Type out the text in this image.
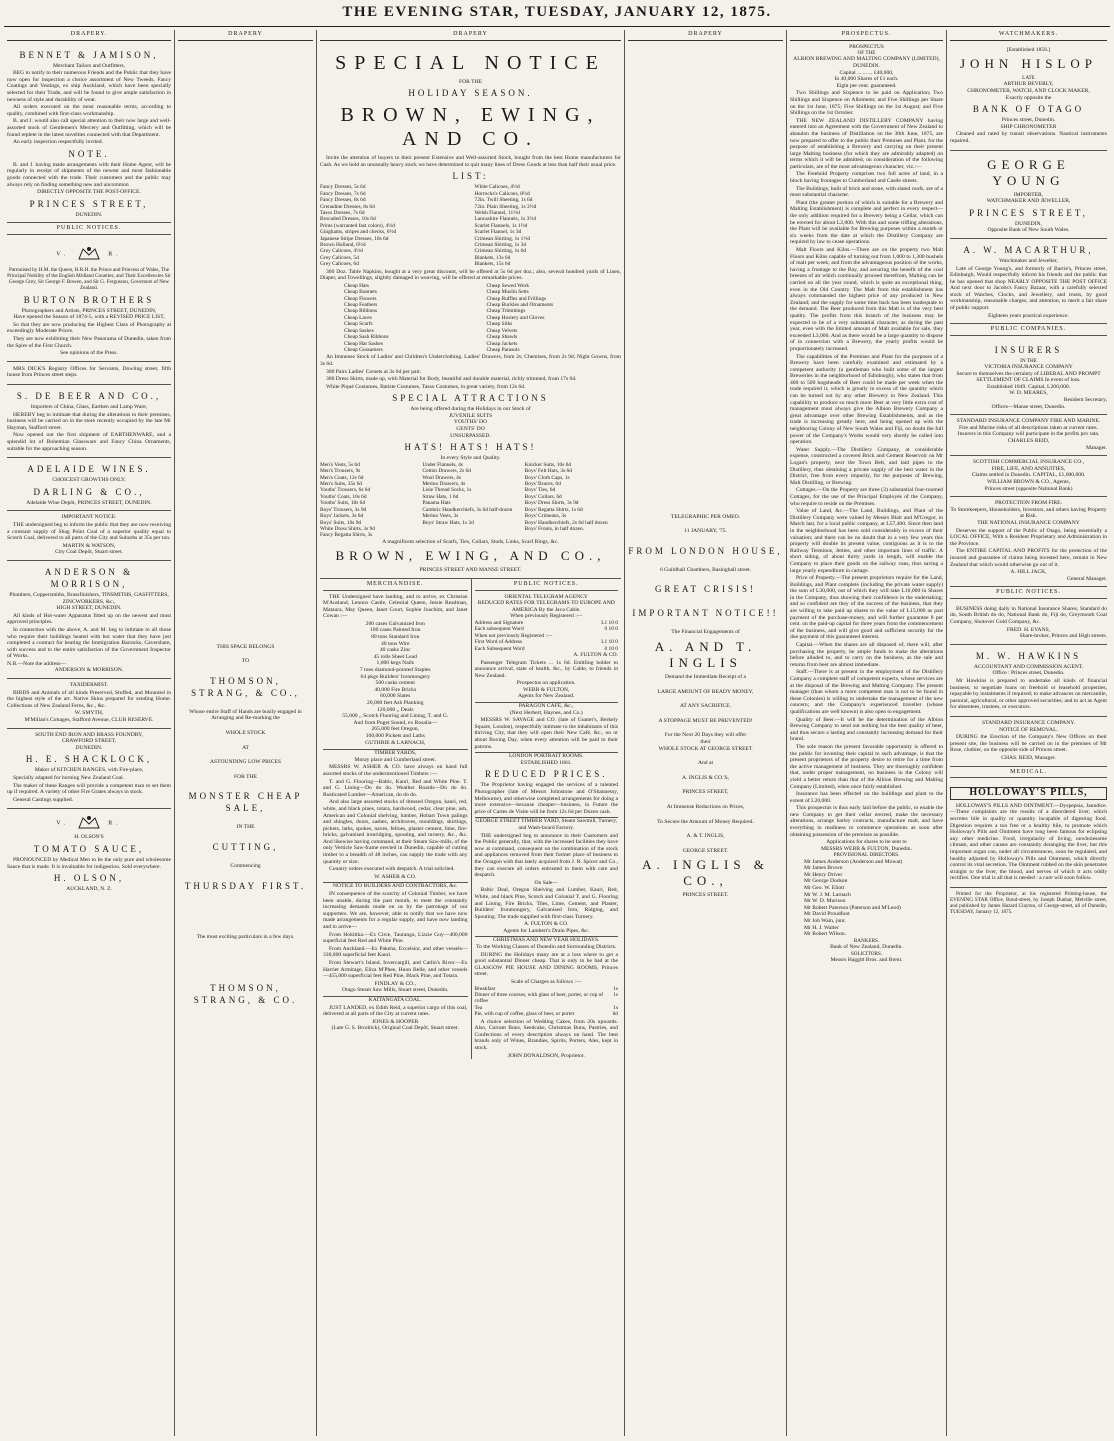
THE EVENING STAR, TUESDAY, JANUARY 12, 1875.
DRAPERY.
BENNET & JAMISON,
Merchant Tailors and Outfitters,
BEG to notify to their numerous Friends and the Public that they have now open for inspection a choice assortment of New Tweeds, Fancy Coatings and Vestings, ex ship Auckland, which have been specially selected for their Trade, and will be found to give ample satisfaction in newness of style and durability of wear.
All orders executed on the most reasonable terms, according to quality, combined with first-class workmanship.
B. and J. would also call special attention to their now large and well-assorted stock of Gentlemen's Mercery and Outfitting, which will be found replete in the latest novelties connected with that Department.
An early inspection respectfully invited.
NOTE.
B. and J. having made arrangements with their Home Agent, will be regularly in receipt of shipments of the newest and most fashionable goods connected with the trade. Their customers and the public may always rely on finding something new and uncommon
DIRECTLY OPPOSITE THE POST-OFFICE.
PRINCES STREET,
DUNEDIN.
PUBLIC NOTICES.
V.	R.
Patronised by H.M. the Queen, H.R.H. the Prince and Princess of Wales, The Principal Nobility of the English Midland Counties, and Their Excellencies Sir George Grey, Sir George F. Bowen, and Sir G. Fergusson, Governors of New Zealand.
BURTON BROTHERS
Photographers and Artists, PRINCES STREET, DUNEDIN,
Have opened the Season of 1874-5, with a REVISED PRICE LIST,
So that they are now producing the Highest Class of Photography at exceedingly Moderate Prices.
They are now exhibiting their New Panorama of Dunedin, taken from the Spire of the First Church.
See opinions of the Press.
MRS DICK'S Registry Offices for Servants, Dowling street, fifth house from Princes street steps.
S. DE BEER AND CO.,
Importers of China, Glass, Earthen and Lamp Ware,
HEREBY beg to intimate that during the alterations to their premises, business will be carried on in the store recently occupied by the late Mr Hayman, Stafford street.
Now opened out the first shipment of EARTHENWARE, and a splendid lot of Bohemian Glassware and Fancy China Ornaments, suitable for the approaching season.
ADELAIDE WINES.
CHOICEST GROWTHS ONLY.
DARLING & CO.,
Adelaide Wine Depôt, PRINCES STREET, DUNEDIN.
IMPORTANT NOTICE.
THE undersigned beg to inform the public that they are now receiving a constant supply of Shag Point Coal of a superior quality equal to Scotch Coal, delivered to all parts of the City and Suburbs at 35s per ton.
MARTIN & WATSON,
City Coal Depôt, Stuart street.
ANDERSON & MORRISON,
Plumbers, Coppersmiths, Brassfinishers, TINSMITHS, GASFITTERS, ZINCWORKERS, &c.,
HIGH STREET, DUNEDIN.
All kinds of Hot-water Apparatus fitted up on the newest and most approved principles.
In connection with the above, A. and M. beg to intimate to all those who require their buildings heated with hot water that they have just completed a contract for heating the Immigration Barracks, Caversham, with success and to the entire satisfaction of the Government Inspector of Works.
N.B.—Note the address—
ANDERSON & MORRISON.
TAXIDERMIST.
BIRDS and Animals of all kinds Preserved, Stuffed, and Mounted in the highest style of the art. Native Skins prepared for sending Home. Collections of New Zealand Ferns, &c., &c.
W. SMYTH,
M'Millan's Cottages, Stafford Avenue, CLUB RESERVE.
SOUTH END IRON AND BRASS FOUNDRY,
CRAWFORD STREET,
DUNEDIN.
H. E. SHACKLOCK,
Maker of KITCHEN RANGES, with Fire-place,
Specially adapted for burning New Zealand Coal.
The maker of these Ranges will provide a competent man to set them up if required. A variety of other Fire Grates always in stock.
General Castings supplied.
V.	R.
H. OLSON'S
TOMATO SAUCE,
PRONOUNCED by Medical Men to be the only pure and wholesome Sauce that is made. It is invaluable for indigestion. Sold everywhere.
H. OLSON,
AUCKLAND, N. Z.
DRAPERY
THIS SPACE BELONGS
TO
THOMSON, STRANG, & CO.,
Whose entire Staff of Hands are busily engaged in Arranging and Re-marking the
WHOLE STOCK
AT
ASTOUNDING LOW PRICES
FOR THE
MONSTER CHEAP SALE,
IN THE
CUTTING,
Commencing
THURSDAY FIRST.
The most exciting particulars in a few days.
THOMSON, STRANG, & CO.
DRAPERY
SPECIAL NOTICE
FOR THE
HOLIDAY SEASON.
BROWN, EWING, AND CO.
Invite the attention of buyers to their present Extensive and Well-assorted Stock, bought from the best Home manufacturers for Cash. As we hold an unusually heavy stock we have determined to quit many lines of Dress Goods at less than half their usual price.
LIST:
Fancy Dresses, 5s 6d
Fancy Dresses, 7s 6d
Fancy Dresses, 8s 6d
Grenadine Dresses, 8s 6d
Tasso Dresses, 7s 6d
Brocaded Dresses, 10s 6d
Prints (warranted fast colors), 4½d
Ginghams, stripes and checks, 6½d
Japanese Stripe Dresses, 10s 6d
Brown Holland, 6½d
Grey Calicoes, 4½d
Grey Calicoes, 5d
Grey Calicoes, 6d
White Calicoes, 4½d
Horrocks's Calicoes, 8½d
72in. Twill Sheeting, 1s 6d
72in. Plain Sheeting, 1s 3½d
Welsh Flannel, 11½d
Lancashire Flannels, 1s 3½d
Scarlet Flannels, 1s 1½d
Scarlet Flannel, 1s 3d
Crimean Shirting, 1s 1½d
Crimean Shirting, 1s 3d
Crimean Shirting, 1s 6d
Blankets, 13s 6d
Blankets, 15s 6d
300 Doz. Table Napkins, bought at a very great discount, will be offered at 5s 6d per doz.; also, several hundred yards of Linen, Diaper, and Towellings, slightly damaged in weaving, will be offered at remarkable prices.
Cheap Hats
Cheap Bonnets
Cheap Flowers
Cheap Feathers
Cheap Ribbons
Cheap Laces
Cheap Scarfs
Cheap Sashes
Cheap Sash Ribbons
Cheap Hat Sashes
Cheap Gossamers
Cheap Sewed Work
Cheap Muslin Setts
Cheap Ruffles and Frillings
Cheap Buckles and Ornaments
Cheap Trimmings
Cheap Hosiery and Gloves
Cheap Silks
Cheap Velvets
Cheap Shawls
Cheap Jackets
Cheap Parasols
An Immense Stock of Ladies' and Children's Underclothing. Ladies' Drawers, from 2s; Chemises, from 2s 9d; Night Gowns, from 3s 6d.
300 Pairs Ladies' Corsets at 3s 6d per pair.
300 Dress Skirts, made up, with Material for Body, beautiful and durable material, richly trimmed, from 17s 6d.
White Piqué Costumes, Batiste Costumes, Tasso Costumes, in great variety, from 12s 6d.
SPECIAL ATTRACTIONS
Are being offered during the Holidays in our Stock of
JUVENILE SUITS
YOUTHS' DO
GENTS' DO
UNSURPASSED.
HATS! HATS! HATS!
In every Style and Quality.
Men's Vests, 5s 6d
Men's Trousers, 9s
Men's Coats, 12s 6d
Men's Suits, 35s 6d
Youths' Trousers, 6s 6d
Youths' Coats, 10s 6d
Youths' Suits, 18s 6d
Boys' Trousers, 3s 9d
Boys' Jackets, 3s 6d
Boys' Suits, 16s 9d
White Dress Shirts, 3s 9d
Fancy Regatta Shirts, 3s
Under Flannels, 4s
Cotton Drawers, 2s 6d
Wool Drawers, 4s
Merino Drawers, 4s
Lisle Thread Socks, 1s
Straw Hats, 1 6d
Panama Hats
Cambric Handkerchiefs, 3s 6d half-dozen
Merino Vests, 3s
Boys' Straw Hats, 1s 3d
Knicker Suits, 10s 6d
Boys' Felt Hats, 3s 6d
Boys' Cloth Caps, 1s
Boys' Braces, 6d
Boys' Ties, 6d
Boys' Collars, 6d
Boys' Dress Shirts, 3s 9d
Boys' Regatta Shirts, 1s 6d
Boys' Crimeans, 3s
Boys' Handkerchiefs, 2s 6d half dozen
Boys' Fronts, in half dozen.
A magnificent selection of Scarfs, Ties, Collars, Studs, Links, Scarf Rings, &c.
BROWN, EWING, AND CO.,
PRINCES STREET AND MANSE STREET.
MERCHANDISE.
THE Undersigned have landing, and to arrive, ex Christian M'Ausland, Lennox Castle, Celestial Queen, Jessie Readman, Mataura, May Queen, Janet Court, Sophie Joachim, and Janet Cowan :—
200 cases Galvanized Iron
100 cases Painted Iron
80 tons Standard Iron
40 tons Wire
40 casks Zinc
45 rolls Sheet Lead
1,000 kegs Nails
7 tons diamond-pointed Staples
64 pkgs Builders' Ironmongery
500 casks cement
40,000 Fire Bricks
60,000 Slates
20,000 feet Ash Planking
120,000 ,, Deals
55,000 ,, Scotch Flooring and Lining, T. and G.
And from Puget Sound, ex Rosalia—
265,000 feet Oregon,
100,000 Pickets and Laths
GUTHRIE & LARNACH,
TIMBER YARDS,
Moray place and Cumberland street.
MESSRS W. ASHER & CO. have always on hand full assorted stocks of the undermentioned Timbers :—
T. and G. Flooring—Baltic, Kauri, Red and White Pine. T. and G. Lining—Do do do. Weather Boards—Do do do. Rusticated Lumber—American, do do do.
And also large assorted stocks of dressed Oregon, kauri, red, white, and black pines, totara, hardwood, cedar, clear pine, ash, American and Colonial shelving, lumber, Hobart Town palings and shingles, doors, sashes, architraves, mouldings, skirtings, pickets, laths, spokes, naves, felloes, plaster cement, lime, fire-bricks, galvanised ironridging, spouting, and turnery, &c., &c. And likewise having command, at their Steam Saw-mills, of the only Verticle Saw-frame erected in Dunedin, capable of cutting timber to a breadth of 48 inches, can supply the trade with any quantity or size.
Country orders executed with despatch. A trial solicited.
W. ASHER & CO.
NOTICE TO BUILDERS AND CONTRACTORS, &c.
IN consequence of the scarcity of Colonial Timber, we have been unable, during the past month, to meet the constantly increasing demands made on us by the patronage of our supporters. We are, however, able to notify that we have now made arrangements for a regular supply, and have now landing and to arrive—
From Hokitika.—Ex Circe, Tauranga, Lizzie Guy—400,000 superficial feet Red and White Pine.
From Auckland.—Ex Pakeha, Excelsior, and other vessels—330,000 superficial feet Kauri.
From Stewart's Island, Invercargill, and Catlin's River.—Ex Harriet Armitage, Eliza M'Phee, Huon Belle, and other vessels—455,000 superficial feet Red Pine, Black Pine, and Totara.
FINDLAY & CO.,
Otago Steam Saw Mills, Stuart street, Dunedin.
KAITANGATA COAL.
JUST LANDED, ex Edith Reid, a superior cargo of this coal, delivered at all parts of the City at current rates.
JONES & HOOPER
(Late G. S. Brodrick), Original Coal Depôt, Stuart street.
PUBLIC NOTICES.
ORIENTAL TELEGRAM AGENCY
REDUCED RATES FOR TELEGRAMS TO EUROPE AND AMERICA By the Java Cable.
When previously Registered :—
Address and Signature	L1 10 0
Each subsequent Word	0 10 0
When not previously Registered :—
First Word of Address	L1 10 0
Each Subsequent Word	0 10 0
A. FULTON & CO.
Passenger Telegram Tickets ... 1s 6d. Entitling holder to announce arrival, state of health, &c., by Cable, to friends in New Zealand.
Prospectus on application.
WEBB & FULTON,
Agents for New Zealand.
PARAGON CAFE, &c.,
(Next Herbert, Haynes, and Co.)
MESSRS W. SAVAGE and CO. (late of Gunter's, Berkely Square, London), respectfully intimate to the inhabitants of this thriving City, that they will open their New Café, &c., on or about Boxing Day, when every attention will be paid to their patrons.
LONDON PORTRAIT ROOMS.
ESTABLISHED 1861.
REDUCED PRICES.
The Proprietor having engaged the services of a talented Photographer (late of Messrs Johnstone and O'Shannessy, Melbourne), and otherwise completed arrangements for doing a more extensive—because cheaper—business, in Future the price of Cartes de Visite will be from 12s 6d per Dozen cash.
GEORGE STREET TIMBER YARD, Steam Sawmill, Turnery, and Wash-board Factory.
THE undersigned beg to announce to their Customers and the Public generally, that, with the increased facilities they have now at command, consequent on the combination of the stock and appliances removed from their former place of business to the Octagon with that lately acquired from J. R. Spicer and Co., they can execute all orders entrusted to them with care and despatch.
On Sale—
Baltic Deal, Oregon Shelving and Lumber, Kauri, Red, White, and black Pine, Scotch and Colonial T. and G. Flooring and Lining, Fire Bricks, Tiles, Lime, Cement, and Plaster, Builders' Ironmongery, Galvanised Iron, Ridging, and Spouting. The trade supplied with first-class Turnery.
A. FULTON & CO.
Agents for Lambert's Drain Pipes, &c.
CHRISTMAS AND NEW YEAR HOLIDAYS.
To the Working Classes of Dunedin and Surrounding Districts.
DURING the Holidays many are at a loss where to get a good substantial Dinner cheap. That is only to be had at the GLASGOW PIE HOUSE AND DINING ROOMS, Princes street.
Scale of Charges as follows :—
Breakfast	1s
Dinner of three courses, with glass of beer, porter, or cup of coffee
1s
Tea	1s
Pie, with cup of coffee, glass of beer, or porter	6d
A choice selection of Wedding Cakes, from 20s upwards. Also, Currant Buns, Seedcake, Christmas Buns, Pastries, and Confections of every description always on hand. The best brands only of Wines, Brandies, Spirits, Porters, Ales, kept in stock.
JOHN DONALDSON, Proprietor.
DRAPERY
TELEGRAPHIC PER OMEO.
11 JANUARY, '75.
FROM LONDON HOUSE,
6 Guildhall Chambers, Basinghall street.
GREAT CRISIS!
IMPORTANT NOTICE!!
The Financial Engagements of
A. AND T. INGLIS
Demand the Immediate Receipt of a
LARGE AMOUNT OF READY MONEY,
AT ANY SACRIFICE.
A STOPPAGE MUST BE PREVENTED!
For the Next 20 Days they will offer
their
WHOLE STOCK AT GEORGE STREET
And at
A. INGLIS & CO.'S,
PRINCES STREET,
At Immense Reductions on Prices,
To Secure the Amount of Money Required.
A. & T. INGLIS,
GEORGE STREET.
A. INGLIS & CO.,
PRINCES STREET.
PROSPECTUS.
PROSPECTUS
OF THE
ALBION BREWING AND MALTING COMPANY (LIMITED), DUNEDIN.
Capital ... ... ... £40,000,
In 40,000 Shares of £1 each.
Eight per cent. guaranteed.
Two Shillings and Sixpence to be paid on Application; Two Shillings and Sixpence on Allotment; and Five Shillings per Share on the 1st June, 1875; Five Shillings on the 1st August; and Five Shillings on the 1st October.
THE NEW ZEALAND DISTILLERY COMPANY having entered into an Agreement with the Government of New Zealand to abandon the business of Distillation on the 30th June, 1875, are now prepared to offer to the public their Premises and Plant, for the purpose of establishing a Brewery and carrying on their present large Malting business (for which they are admirably adapted) on terms which it will be admitted, on consideration of the following particulars, are of the most advantageous character, viz.:—
The Freehold Property comprises two full acres of land, in a block having frontages to Cumberland and Castle streets.
The Buildings, built of brick and stone, with slated roofs, are of a most substantial character.
Plant (the greater portion of which is suitable for a Brewery and Malting Establishment) is complete and perfect in every respect—the only addition required for a Brewery being a Cellar, which can be erected for about L2,000. With this and some trifling alterations, the Plant will be available for Brewing purposes within a month or six weeks from the date at which the Distillery Company are required by law to cease operations.
Malt Floors and Kilns.—There are on the property two Malt Floors and Kilns capable of turning out from 1,000 to 1,300 bushels of malt per week; and from the advantageous position of the works, having a frontage to the Bay, and securing the benefit of the cool breezes of air which continually proceed therefrom, Malting can be carried on all the year round, which is quite an exceptional thing, even in the Old Country. The Malt from this establishment has always commanded the highest price of any produced in New Zealand; and the supply for some time back has been inadequate to the demand. The Beer produced from this Malt is of the very best quality. The profits from this branch of the business may be expected to be of a very substantial character, as during the past year, even with the limited amount of Malt available for sale, they exceeded L3,000. And as there would be a large quantity to dispose of in connection with a Brewery, the yearly profits would be proportionately increased.
The capabilities of the Premises and Plant for the purposes of a Brewery have been carefully examined and estimated by a competent authority (a gentleman who built some of the largest Breweries in the neighborhood of Edinburgh), who states that from 400 to 500 hogsheads of Beer could be made per week when the trade required it, which is greatly in excess of the quantity which can be turned out by any other Brewery in New Zealand. This capability to produce so much more Beer at very little extra cost of management must always give the Albion Brewery Company a great advantage over other Brewing Establishments, and as the trade is increasing greatly here, and being opened up with the neighboring Colony of New South Wales and Fiji, no doubt the full power of the Company's Works would very shortly be called into operation.
Water Supply.—The Distillery Company, at considerable expense, constructed a covered Brick and Cement Reservoir on Mr Logan's property, next the Town Belt, and laid pipes to the Distillery, thus obtaining a private supply of the best water in the District, free from every impurity, for the purposes of Brewing, Malt Distilling, or Brewing.
Cottages.—On the Property are three (3) substantial four-roomed Cottages, for the use of the Principal Employés of the Company, who require to reside on the Premises.
Value of Land, &c.—The Land, Buildings, and Plant of the Distillery Company were valued by Messrs Blair and M'Gregor, in March last, for a local public company, at L57,400. Since then land in the neighborhood has been sold considerably in excess of their valuation; and there can be no doubt that in a very few years this property will double its present value, contiguous as it is to the Railway Terminus, Jetties, and other important lines of traffic. A short siding, of about thirty yards in length, will enable the Company to place their goods on the railway vans, thus saving a large yearly expenditure in cartage.
Price of Property.—The present proprietors require for the Land, Buildings, and Plant complete (including the private water supply) the sum of L30,000, out of which they will take L10,000 in Shares in the Company, thus showing their confidence in the undertaking; and so confident are they of the success of the business, that they are willing to take paid up shares to the value of L15,000 as part payment of the purchase-money, and will further guarantee 8 per cent. on the paid-up capital for three years from the commencement of the business, and will give good and sufficient security for the due payment of this guaranteed interest.
Capital.—When the shares are all disposed of, there will, after purchasing the property, be ample funds to make the alterations before alluded to, and to carry on the business, as the sale and returns from beer are almost immediate.
Staff.—There is at present in the employment of the Distillery Company a complete staff of competent experts, whose services are at the disposal of the Brewing and Malting Company. The present manager (than whom a more competent man is not to be found in these Colonies) is willing to undertake the management of the new concern; and the Company's experienced traveller (whose qualifications are well known) is also open to engagement.
Quality of Beer.—It will be the determination of the Albion Brewing Company to send out nothing but the best quality of beer, and thus secure a lasting and constantly increasing demand for their brand.
The sole reason the present favorable opportunity is offered to the public for investing their capital to such advantage, is that the present proprietors of the property desire to retire for a time from the active management of business. They are thoroughly confident that, under proper management, no business in the Colony will yield a better return than that of the Albion Brewing and Malting Company (Limited), when once fairly established.
Insurance has been effected on the buildings and plant to the extent of L20,000.
This prospectus is thus early laid before the public, to enable the new Company to get their cellar erected, make the necessary alterations, arrange barley contracts, manufacture malt, and have everything in readiness to commence operations as soon after obtaining possession of the premises as possible.
Applications for shares to be sent to
MESSRS WEBB & FULTON, Dunedin.
PROVISIONAL DIRECTORS.
Mr James Anderson (Anderson and Mowat)
Mr James Brown
Mr Henry Driver
Mr George Dodson
Mr Geo. W. Eliott
Mr W. J. M. Larnach
Mr W. D. Murison
Mr Robert Paterson (Paterson and M'Leod)
Mr David Proudfoot
Mr Job Wain, junr.
Mr H. J. Walter
Mr Robert Wilson.
BANKERS.
Bank of New Zealand, Dunedin.
SOLICITORS.
Messrs Haggitt Bros. and Brent.
WATCHMAKERS.
[Established 1856.]
JOHN HISLOP
LATE
ARTHUR BEVERLY,
CHRONOMETER, WATCH, AND CLOCK MAKER,
Exactly opposite the
BANK OF OTAGO
Princes street, Dunedin.
SHIP CHRONOMETER
Cleaned and rated by transit observations. Nautical instruments repaired.
GEORGE YOUNG
IMPORTER,
WATCHMAKER AND JEWELLER,
PRINCES STREET,
DUNEDIN,
Opposite Bank of New South Wales.
A. W. MACARTHUR,
Watchmaker and Jeweller,
Late of George Young's, and formerly of Barrie's, Princes street, Edinburgh, Would respectfully inform his friends and the public that he has opened that shop NEARLY OPPOSITE THE POST OFFICE And next door to Jacobs's Fancy Bazaar, with a carefully selected stock of Watches, Clocks, and Jewellery, and trusts, by good workmanship, reasonable charges, and attention, to merit a fair share of public support.
Eighteen years practical experience.
PUBLIC COMPANIES.
INSURERS
IN THE
VICTORIA INSURANCE COMPANY
Secure to themselves the certainty of LIBERAL AND PROMPT SETTLEMENT OF CLAIMS In event of loss.
Established 1849. Capital, L200,000.
W. D. MEARES,
Resident Secretary,
Offices—Manse street, Dunedin.
STANDARD INSURANCE COMPANY FIRE AND MARINE.
Fire and Marine risks of all descriptions taken at current rates.
Insurers in this Company will participate in the profits pro rata.
CHARLES REID,
Manager.
SCOTTISH COMMERCIAL INSURANCE CO.,
FIRE, LIFE, AND ANNUITIES,
Claims settled in Dunedin. CAPITAL, £1,000,000.
WILLIAM BROWN & CO., Agents,
Princes street (opposite National Bank)
PROTECTION FROM FIRE.
To Storekeepers, Householders, Investors, and others having Property at Risk.
THE NATIONAL INSURANCE COMPANY
Deserves the support of the Public of Otago, being essentially a LOCAL OFFICE, With a Resident Proprietary and Administration in the Province.
The ENTIRE CAPITAL AND PROFITS for the protection of the insured and guarantee of claims being invested here, remain in New Zealand that which would otherwise go out of it.
A. HILL JACK,
General Manager.
PUBLIC NOTICES.
BUSINESS doing daily in National Insurance Shares, Standard do do, South British do do, National Bank do, Fiji do, Greymouth Coal Company, Shotover Gold Company, &c.
FRED. H. EVANS,
Share-broker, Princes and High streets.
M. W. HAWKINS
ACCOUNTANT AND COMMISSION AGENT.
Office : Princes street, Dunedin.
Mr Hawkins is prepared to undertake all kinds of financial business; to negotiate loans on freehold or leasehold properties, repayable by instalments if required; to make advances on mercantile, pastoral, agricultural, or other approved securities; and to act as Agent for absentees, trustees, or executors.
STANDARD INSURANCE COMPANY.
NOTICE OF REMOVAL.
DURING the Erection of the Company's New Offices on their present site, the business will be carried on in the premises of Mr Rose, clothier, on the opposite side of Princes street.
CHAS. REID, Manager.
MEDICAL.
HOLLOWAY'S PILLS,
HOLLOWAY'S PILLS AND OINTMENT.—Dyspepsia, Jaundice.—These complaints are the results of a disordered liver, which secretes bile in quality or quantity incapable of digesting food. Digestion requires a too free or a healthy bile, to promote which Holloway's Pills and Ointment have long been famous for eclipsing any other medicine. Food, irregularity of living, unwholesome climate, and other causes are constantly deranging the liver, but this important organ can, under all circumstances, soon be regulated, and healthy adjusted by Holloway's Pills and Ointment, which directly control its vital secretion. The Ointment rubbed on the skin penetrates straight to the liver, the blood, and nerves of which it acts oddly rectifies. One trial is all that is needed : a cure will soon follow.
Printed for the Proprietor, at his registered Printing-house, the EVENING STAR Office, Bond-street, by Joseph Dunbar, Melville street, and published by James Hazard Clayton, of George-street, all of Dunedin, TUESDAY, January 12, 1875.
